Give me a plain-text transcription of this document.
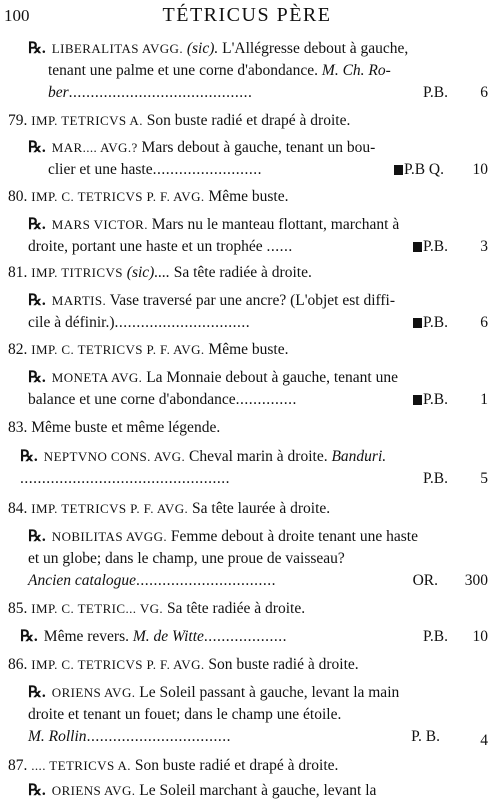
100	TÉTRICUS PÈRE
℞. LIBERALITAS AVGG. (sic). L'Allégresse debout à gauche,
tenant une palme et une corne d'abondance. M. Ch. Ro-
ber..........................................	P.B. 6
79. IMP. TETRICVS A. Son buste radié et drapé à droite.
℞. MAR.... AVG.? Mars debout à gauche, tenant un bou-
clier et une haste.........................	P.B Q. 10
80. IMP. C. TETRICVS P. F. AVG. Même buste.
℞. MARS VICTOR. Mars nu le manteau flottant, marchant à
droite, portant une haste et un trophée ......	P.B. 3
81. IMP. TITRICVS (sic).... Sa tête radiée à droite.
℞. MARTIS. Vase traversé par une ancre? (L'objet est diffi-
cile à définir.)...............................	P.B. 6
82. IMP. C. TETRICVS P. F. AVG. Même buste.
℞. MONETA AVG. La Monnaie debout à gauche, tenant une
balance et une corne d'abondance..............	P.B. 1
83. Même buste et même légende.
℞. NEPTVNO CONS. AVG. Cheval marin à droite. Banduri.
................................................	P.B. 5
84. IMP. TETRICVS P. F. AVG. Sa tête laurée à droite.
℞. NOBILITAS AVGG. Femme debout à droite tenant une haste
et un globe; dans le champ, une proue de vaisseau?
Ancien catalogue................................	OR. 300
85. IMP. C. TETRIC... VG. Sa tête radiée à droite.
℞. Même revers. M. de Witte...................	P.B. 10
86. IMP. C. TETRICVS P. F. AVG. Son buste radié à droite.
℞. ORIENS AVG. Le Soleil passant à gauche, levant la main
droite et tenant un fouet; dans le champ une étoile.
M. Rollin.................................	P. B.	4
87. .... TETRICVS A. Son buste radié et drapé à droite.
℞. ORIENS AVG. Le Soleil marchant à gauche, levant la
